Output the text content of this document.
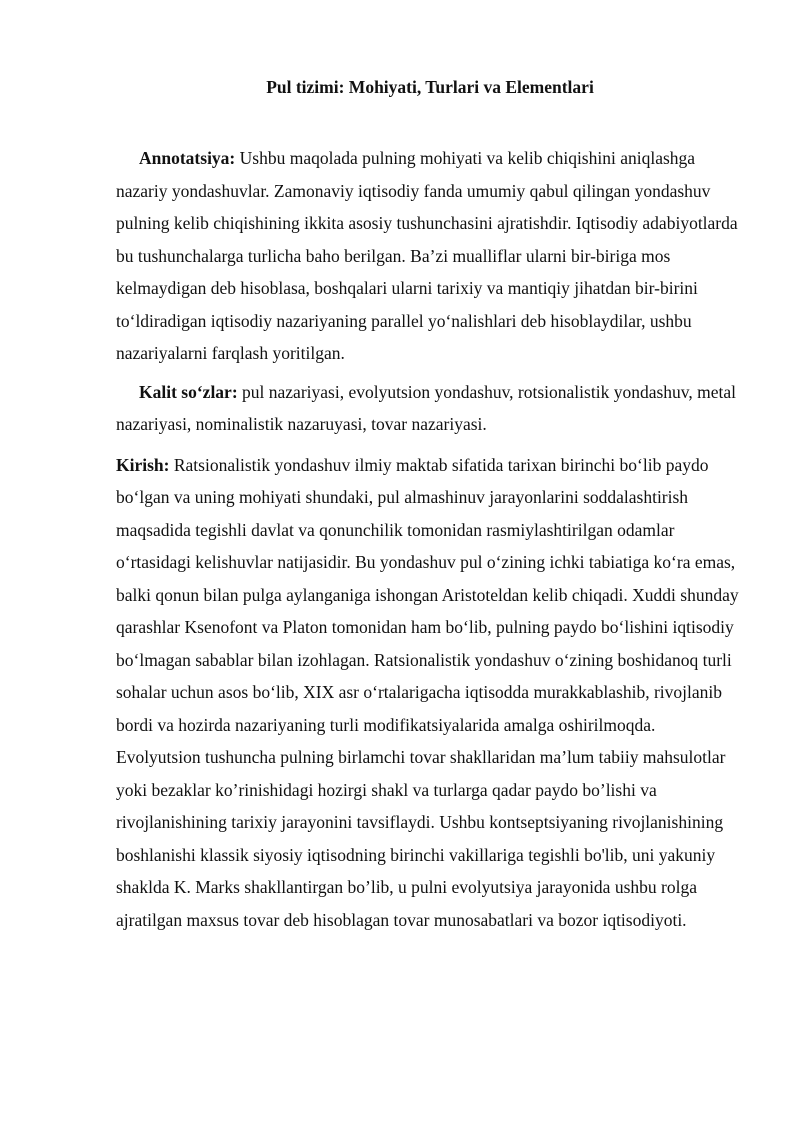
Pul tizimi: Mohiyati, Turlari va Elementlari

Annotatsiya: Ushbu maqolada pulning mohiyati va kelib chiqishini aniqlashga nazariy yondashuvlar. Zamonaviy iqtisodiy fanda umumiy qabul qilingan yondashuv pulning kelib chiqishining ikkita asosiy tushunchasini ajratishdir. Iqtisodiy adabiyotlarda bu tushunchalarga turlicha baho berilgan. Ba’zi mualliflar ularni bir-biriga mos kelmaydigan deb hisoblasa, boshqalari ularni tarixiy va mantiqiy jihatdan bir-birini to‘ldiradigan iqtisodiy nazariyaning parallel yo‘nalishlari deb hisoblaydilar, ushbu nazariyalarni farqlash yoritilgan.

Kalit so‘zlar: pul nazariyasi, evolyutsion yondashuv, rotsionalistik yondashuv, metal nazariyasi, nominalistik nazaruyasi, tovar nazariyasi.

Kirish: Ratsionalistik yondashuv ilmiy maktab sifatida tarixan birinchi bo‘lib paydo bo‘lgan va uning mohiyati shundaki, pul almashinuv jarayonlarini soddalashtirish maqsadida tegishli davlat va qonunchilik tomonidan rasmiylashtirilgan odamlar o‘rtasidagi kelishuvlar natijasidir. Bu yondashuv pul o‘zining ichki tabiatiga ko‘ra emas, balki qonun bilan pulga aylanganiga ishongan Aristoteldan kelib chiqadi. Xuddi shunday qarashlar Ksenofont va Platon tomonidan ham bo‘lib, pulning paydo bo‘lishini iqtisodiy bo‘lmagan sabablar bilan izohlagan. Ratsionalistik yondashuv o‘zining boshidanoq turli sohalar uchun asos bo‘lib, XIX asr o‘rtalarigacha iqtisodda murakkablashib, rivojlanib bordi va hozirda nazariyaning turli modifikatsiyalarida amalga oshirilmoqda. Evolyutsion tushuncha pulning birlamchi tovar shakllaridan ma’lum tabiiy mahsulotlar yoki bezaklar ko’rinishidagi hozirgi shakl va turlarga qadar paydo bo’lishi va rivojlanishining tarixiy jarayonini tavsiflaydi. Ushbu kontseptsiyaning rivojlanishining boshlanishi klassik siyosiy iqtisodning birinchi vakillariga tegishli bo'lib, uni yakuniy shaklda K. Marks shakllantirgan bo’lib, u pulni evolyutsiya jarayonida ushbu rolga ajratilgan maxsus tovar deb hisoblagan tovar munosabatlari va bozor iqtisodiyoti.
